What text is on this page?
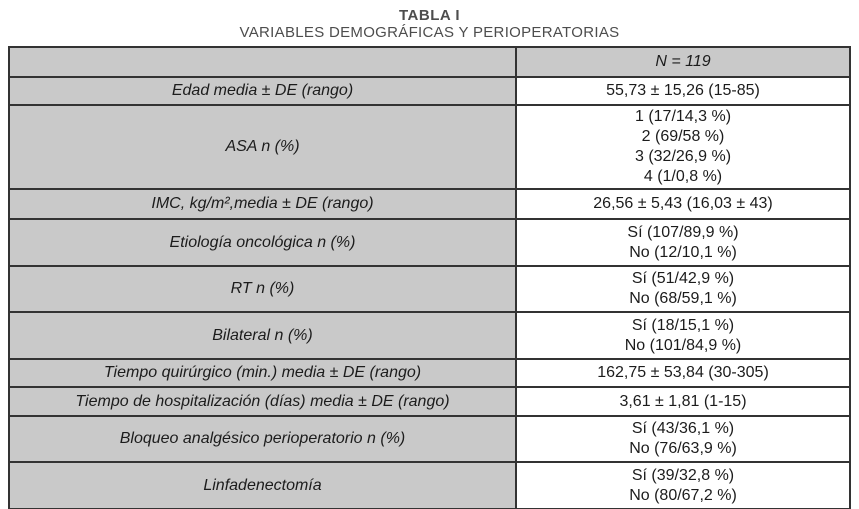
TABLA I
VARIABLES DEMOGRÁFICAS Y PERIOPERATORIAS
	N = 119
Edad media ± DE (rango)	55,73 ± 15,26 (15-85)

ASA n (%)	1 (17/14,3 %)
2 (69/58 %)
3 (32/26,9 %)
4 (1/0,8 %)

IMC, kg/m²,media ± DE (rango)	26,56 ± 5,43 (16,03 ± 43)

Etiología oncológica n (%)	Sí (107/89,9 %)
No (12/10,1 %)

RT n (%)	Sí (51/42,9 %)
No (68/59,1 %)

Bilateral n (%)	Sí (18/15,1 %)
No (101/84,9 %)

Tiempo quirúrgico (min.) media ± DE (rango)	162,75 ± 53,84 (30-305)

Tiempo de hospitalización (días) media ± DE (rango)	3,61 ± 1,81 (1-15)

Bloqueo analgésico perioperatorio n (%)	Sí (43/36,1 %)
No (76/63,9 %)

Linfadenectomía	Sí (39/32,8 %)
No (80/67,2 %)
